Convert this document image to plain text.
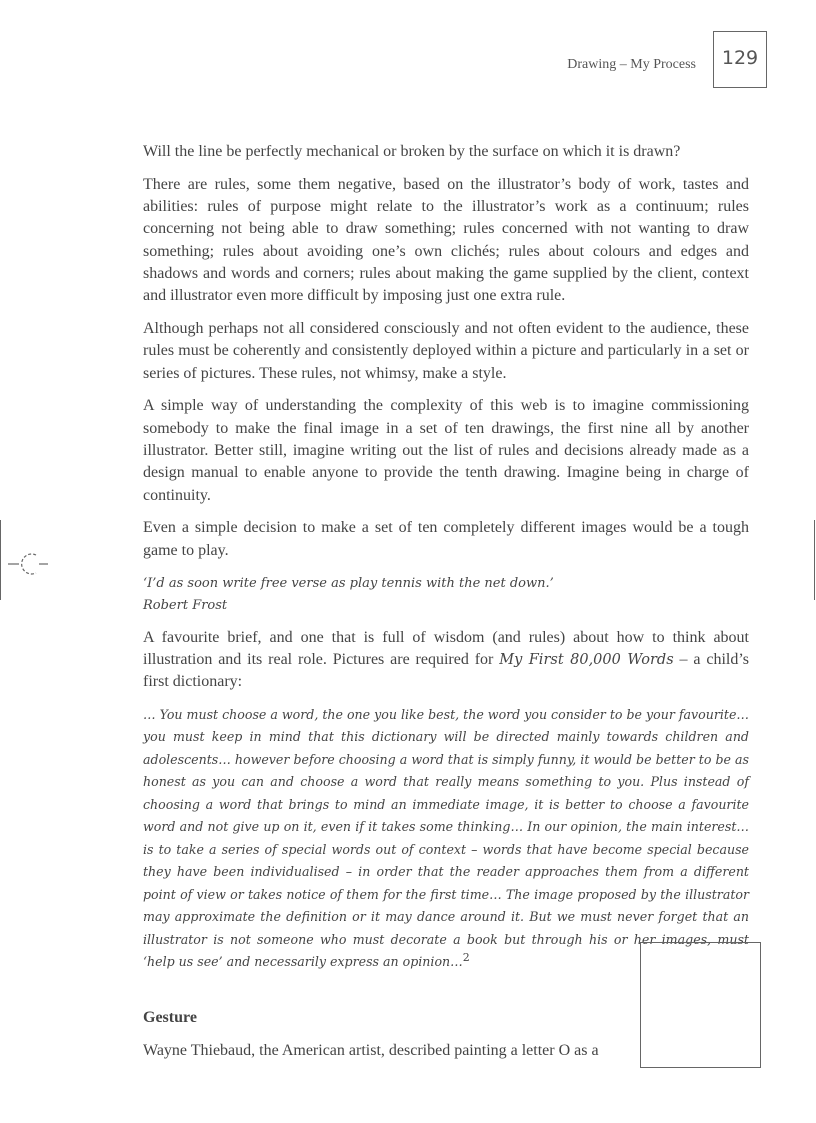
Drawing – My Process 129

Will the line be perfectly mechanical or broken by the surface on which it is drawn?

There are rules, some them negative, based on the illustrator’s body of work, tastes and abilities: rules of purpose might relate to the illustrator’s work as a continuum; rules concerning not being able to draw something; rules concerned with not wanting to draw something; rules about avoiding one’s own clichés; rules about colours and edges and shadows and words and corners; rules about making the game supplied by the client, context and illustrator even more difficult by imposing just one extra rule.

Although perhaps not all considered consciously and not often evident to the audience, these rules must be coherently and consistently deployed within a picture and particularly in a set or series of pictures. These rules, not whimsy, make a style.

A simple way of understanding the complexity of this web is to imagine commissioning somebody to make the final image in a set of ten drawings, the first nine all by another illustrator. Better still, imagine writing out the list of rules and decisions already made as a design manual to enable anyone to provide the tenth drawing. Imagine being in charge of continuity.

Even a simple decision to make a set of ten completely different images would be a tough game to play.

‘I’d as soon write free verse as play tennis with the net down.’
Robert Frost

A favourite brief, and one that is full of wisdom (and rules) about how to think about illustration and its real role. Pictures are required for My First 80,000 Words – a child’s first dictionary:

… You must choose a word, the one you like best, the word you consider to be your favourite… you must keep in mind that this dictionary will be directed mainly towards children and adolescents… however before choosing a word that is simply funny, it would be better to be as honest as you can and choose a word that really means something to you. Plus instead of choosing a word that brings to mind an immediate image, it is better to choose a favourite word and not give up on it, even if it takes some thinking… In our opinion, the main interest… is to take a series of special words out of context – words that have become special because they have been individualised – in order that the reader approaches them from a different point of view or takes notice of them for the first time… The image proposed by the illustrator may approximate the definition or it may dance around it. But we must never forget that an illustrator is not someone who must decorate a book but through his or her images, must ‘help us see’ and necessarily express an opinion…$^2$
Gesture

Wayne Thiebaud, the American artist, described painting a letter O as a
